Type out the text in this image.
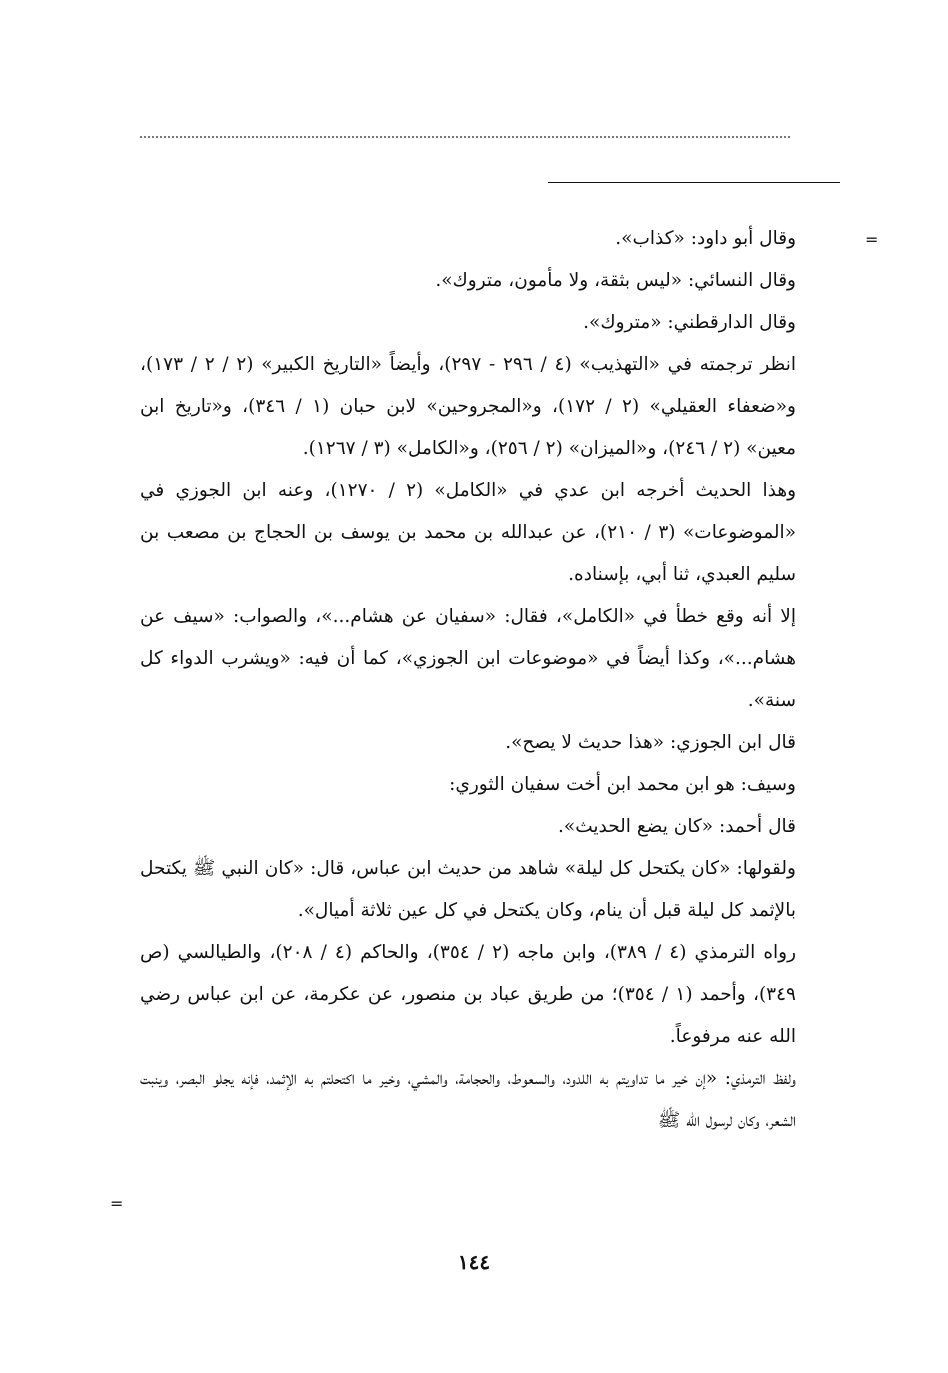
=

وقال أبو داود: «كذاب».

وقال النسائي: «ليس بثقة، ولا مأمون، متروك».

وقال الدارقطني: «متروك».

انظر ترجمته في «التهذيب» (٤ / ٢٩٦ - ٢٩٧)، وأيضاً «التاريخ الكبير» (٢ / ٢ / ١٧٣)، و«ضعفاء العقيلي» (٢ / ١٧٢)، و«المجروحين» لابن حبان (١ / ٣٤٦)، و«تاريخ ابن معين» (٢ / ٢٤٦)، و«الميزان» (٢ / ٢٥٦)، و«الكامل» (٣ / ١٢٦٧).

وهذا الحديث أخرجه ابن عدي في «الكامل» (٢ / ١٢٧٠)، وعنه ابن الجوزي في «الموضوعات» (٣ / ٢١٠)، عن عبدالله بن محمد بن يوسف بن الحجاج بن مصعب بن سليم العبدي، ثنا أبي، بإسناده.

إلا أنه وقع خطأ في «الكامل»، فقال: «سفيان عن هشام...»، والصواب: «سيف عن هشام...»، وكذا أيضاً في «موضوعات ابن الجوزي»، كما أن فيه: «ويشرب الدواء كل سنة».

قال ابن الجوزي: «هذا حديث لا يصح».

وسيف: هو ابن محمد ابن أخت سفيان الثوري:

قال أحمد: «كان يضع الحديث».

ولقولها: «كان يكتحل كل ليلة» شاهد من حديث ابن عباس، قال: «كان النبي ﷺ يكتحل بالإثمد كل ليلة قبل أن ينام، وكان يكتحل في كل عين ثلاثة أميال».

رواه الترمذي (٤ / ٣٨٩)، وابن ماجه (٢ / ٣٥٤)، والحاكم (٤ / ٢٠٨)، والطيالسي (ص ٣٤٩)، وأحمد (١ / ٣٥٤)؛ من طريق عباد بن منصور، عن عكرمة، عن ابن عباس رضي الله عنه مرفوعاً.

ولفظ الترمذي: «إن خير ما تداويتم به اللدود، والسعوط، والحجامة، والمشي، وخير ما اكتحلتم به الإثمد، فإنه يجلو البصر، وينبت الشعر، وكان لرسول الله ﷺ

=
١٤٤
